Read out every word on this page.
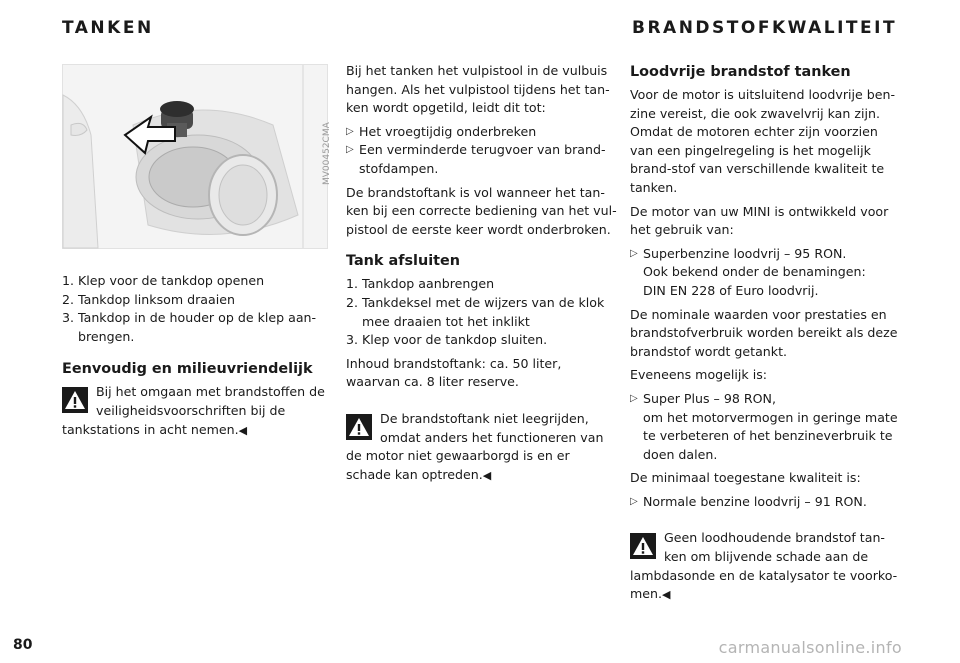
TANKEN	BRANDSTOFKWALITEIT
MV00452CMA
1. Klep voor de tankdop openen
2. Tankdop linksom draaien
3. Tankdop in de houder op de klep aan-
brengen.
Eenvoudig en milieuvriendelijk
Bij het omgaan met brandstoffen de
veiligheidsvoorschriften bij de
tankstations in acht nemen.◀

Bij het tanken het vulpistool in de vulbuis hangen. Als het vulpistool tijdens het tan-ken wordt opgetild, leidt dit tot:

▷ Het vroegtijdig onderbreken
▷ Een verminderde terugvoer van brand-stofdampen.

De brandstoftank is vol wanneer het tan-ken bij een correcte bediening van het vul-pistool de eerste keer wordt onderbroken.

Tank afsluiten
1. Tankdop aanbrengen
2. Tankdeksel met de wijzers van de klok mee draaien tot het inklikt
3. Klep voor de tankdop sluiten.

Inhoud brandstoftank: ca. 50 liter, waarvan ca. 8 liter reserve.

De brandstoftank niet leegrijden,
omdat anders het functioneren van
de motor niet gewaarborgd is en er schade kan optreden.◀
Loodvrije brandstof tanken

Voor de motor is uitsluitend loodvrije ben-zine vereist, die ook zwavelvrij kan zijn. Omdat de motoren echter zijn voorzien van een pingelregeling is het mogelijk brand-stof van verschillende kwaliteit te tanken.

De motor van uw MINI is ontwikkeld voor het gebruik van:

▷ Superbenzine loodvrij – 95 RON.
Ook bekend onder de benamingen:
DIN EN 228 of Euro loodvrij.

De nominale waarden voor prestaties en brandstofverbruik worden bereikt als deze brandstof wordt getankt.

Eveneens mogelijk is:

▷ Super Plus – 98 RON,
om het motorvermogen in geringe mate te verbeteren of het benzineverbruik te doen dalen.

De minimaal toegestane kwaliteit is:

▷ Normale benzine loodvrij – 91 RON.
Geen loodhoudende brandstof tan-
ken om blijvende schade aan de
lambdasonde en de katalysator te voorko-men.◀
80	carmanualsonline.info
